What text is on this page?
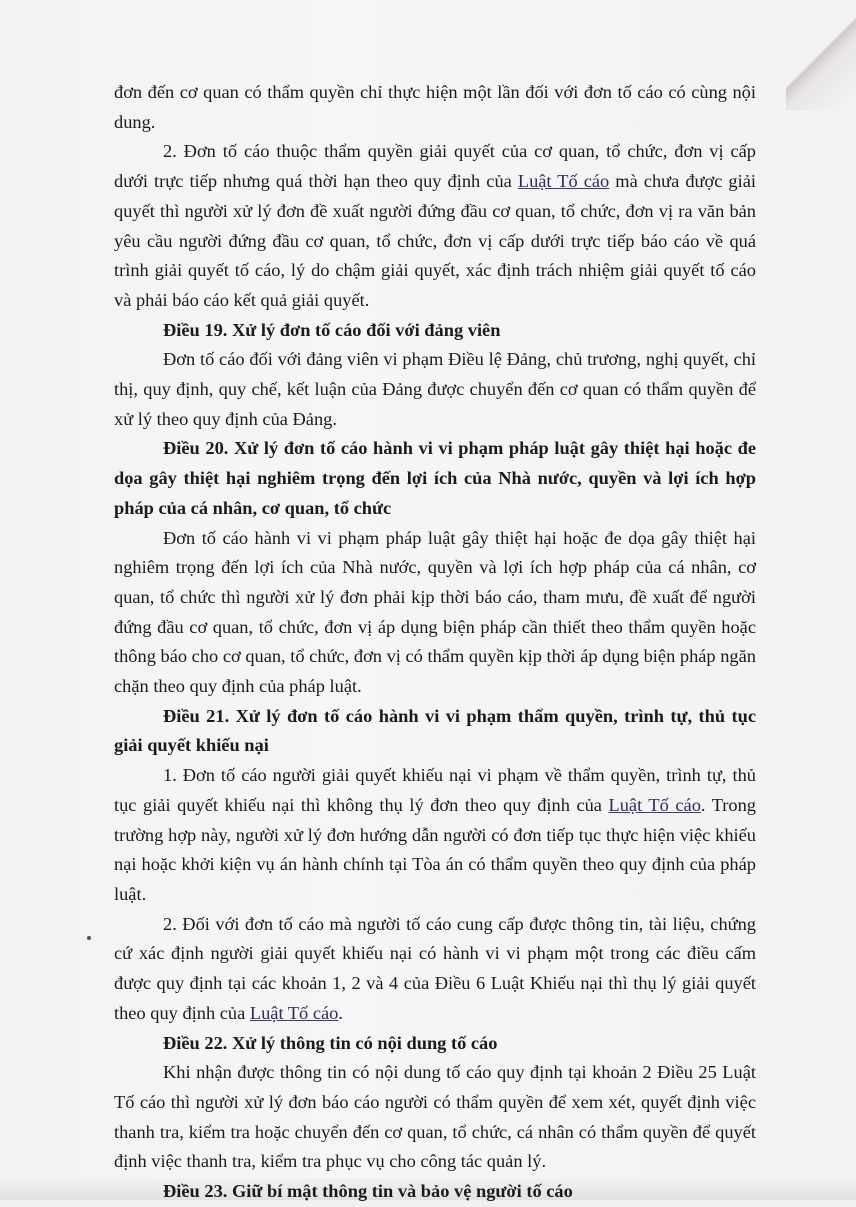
đơn đến cơ quan có thẩm quyền chỉ thực hiện một lần đối với đơn tố cáo có cùng nội dung.

2. Đơn tố cáo thuộc thẩm quyền giải quyết của cơ quan, tổ chức, đơn vị cấp dưới trực tiếp nhưng quá thời hạn theo quy định của Luật Tố cáo mà chưa được giải quyết thì người xử lý đơn đề xuất người đứng đầu cơ quan, tổ chức, đơn vị ra văn bản yêu cầu người đứng đầu cơ quan, tổ chức, đơn vị cấp dưới trực tiếp báo cáo về quá trình giải quyết tố cáo, lý do chậm giải quyết, xác định trách nhiệm giải quyết tố cáo và phải báo cáo kết quả giải quyết.

Điều 19. Xử lý đơn tố cáo đối với đảng viên

Đơn tố cáo đối với đảng viên vi phạm Điều lệ Đảng, chủ trương, nghị quyết, chỉ thị, quy định, quy chế, kết luận của Đảng được chuyển đến cơ quan có thẩm quyền để xử lý theo quy định của Đảng.

Điều 20. Xử lý đơn tố cáo hành vi vi phạm pháp luật gây thiệt hại hoặc đe dọa gây thiệt hại nghiêm trọng đến lợi ích của Nhà nước, quyền và lợi ích hợp pháp của cá nhân, cơ quan, tổ chức

Đơn tố cáo hành vi vi phạm pháp luật gây thiệt hại hoặc đe dọa gây thiệt hại nghiêm trọng đến lợi ích của Nhà nước, quyền và lợi ích hợp pháp của cá nhân, cơ quan, tổ chức thì người xử lý đơn phải kịp thời báo cáo, tham mưu, đề xuất để người đứng đầu cơ quan, tổ chức, đơn vị áp dụng biện pháp cần thiết theo thẩm quyền hoặc thông báo cho cơ quan, tổ chức, đơn vị có thẩm quyền kịp thời áp dụng biện pháp ngăn chặn theo quy định của pháp luật.

Điều 21. Xử lý đơn tố cáo hành vi vi phạm thẩm quyền, trình tự, thủ tục giải quyết khiếu nại

1. Đơn tố cáo người giải quyết khiếu nại vi phạm về thẩm quyền, trình tự, thủ tục giải quyết khiếu nại thì không thụ lý đơn theo quy định của Luật Tố cáo. Trong trường hợp này, người xử lý đơn hướng dẫn người có đơn tiếp tục thực hiện việc khiếu nại hoặc khởi kiện vụ án hành chính tại Tòa án có thẩm quyền theo quy định của pháp luật.

2. Đối với đơn tố cáo mà người tố cáo cung cấp được thông tin, tài liệu, chứng cứ xác định người giải quyết khiếu nại có hành vi vi phạm một trong các điều cấm được quy định tại các khoản 1, 2 và 4 của Điều 6 Luật Khiếu nại thì thụ lý giải quyết theo quy định của Luật Tố cáo.

Điều 22. Xử lý thông tin có nội dung tố cáo

Khi nhận được thông tin có nội dung tố cáo quy định tại khoản 2 Điều 25 Luật Tố cáo thì người xử lý đơn báo cáo người có thẩm quyền để xem xét, quyết định việc thanh tra, kiểm tra hoặc chuyển đến cơ quan, tổ chức, cá nhân có thẩm quyền để quyết định việc thanh tra, kiểm tra phục vụ cho công tác quản lý.

Điều 23. Giữ bí mật thông tin và bảo vệ người tố cáo
